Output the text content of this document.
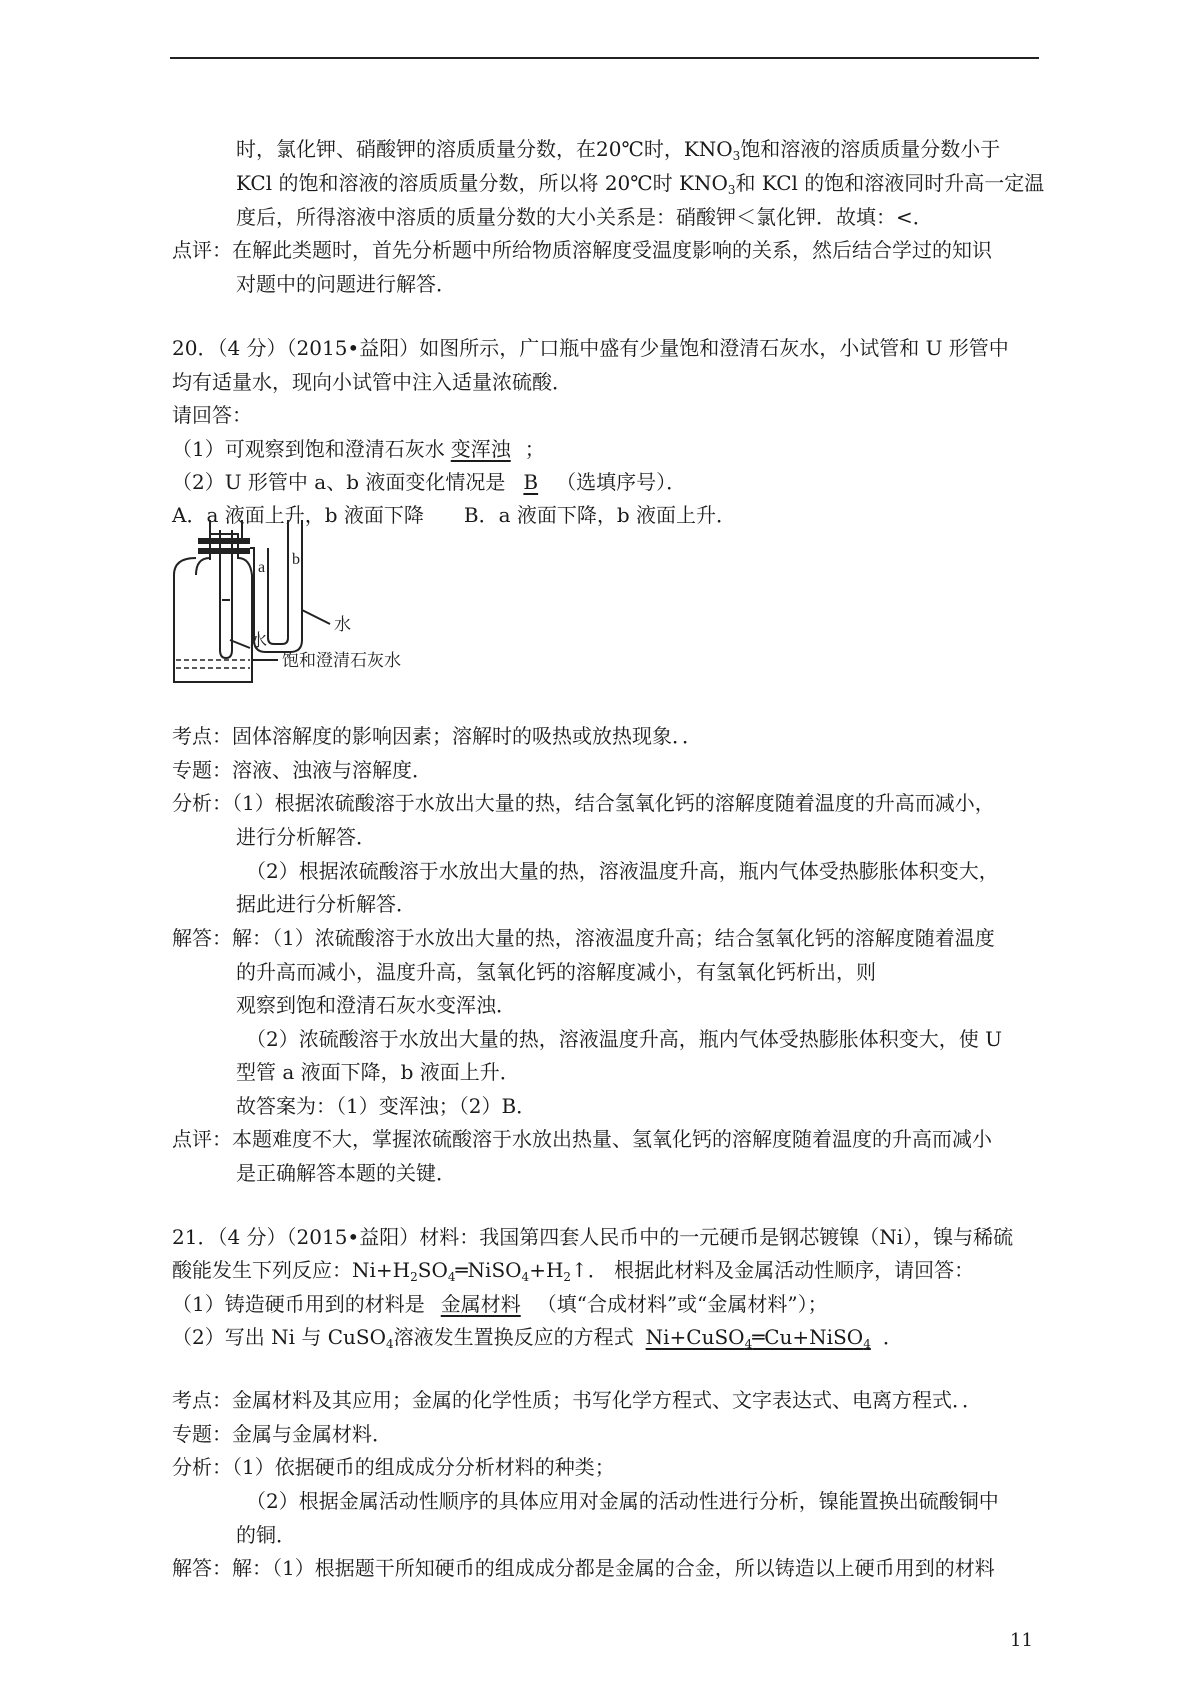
时，氯化钾、硝酸钾的溶质质量分数，在20℃时，$KNO_3$饱和溶液的溶质质量分数小于
KCl 的饱和溶液的溶质质量分数，所以将 20℃时 $KNO_3$和 KCl 的饱和溶液同时升高一定温
度后，所得溶液中溶质的质量分数的大小关系是：硝酸钾＜氯化钾．故填：<．
点评：在解此类题时，首先分析题中所给物质溶解度受温度影响的关系，然后结合学过的知识
对题中的问题进行解答．
20．（4 分）（2015•益阳）如图所示，广口瓶中盛有少量饱和澄清石灰水，小试管和 U 形管中
均有适量水，现向小试管中注入适量浓硫酸．
请回答：
（1）可观察到饱和澄清石灰水 变浑浊 ；
（2）U 形管中 a、b 液面变化情况是 B （选填序号）．
A．a 液面上升，b 液面下降　　B．a 液面下降，b 液面上升．
a b
水
水
饱和澄清石灰水
考点：固体溶解度的影响因素；溶解时的吸热或放热现象．．
专题：溶液、浊液与溶解度．
分析：（1）根据浓硫酸溶于水放出大量的热，结合氢氧化钙的溶解度随着温度的升高而减小，
进行分析解答．
（2）根据浓硫酸溶于水放出大量的热，溶液温度升高，瓶内气体受热膨胀体积变大，
据此进行分析解答．
解答：解：（1）浓硫酸溶于水放出大量的热，溶液温度升高；结合氢氧化钙的溶解度随着温度
的升高而减小，温度升高，氢氧化钙的溶解度减小，有氢氧化钙析出，则
观察到饱和澄清石灰水变浑浊．
（2）浓硫酸溶于水放出大量的热，溶液温度升高，瓶内气体受热膨胀体积变大，使 U
型管 a 液面下降，b 液面上升．
故答案为：（1）变浑浊；（2）B．
点评：本题难度不大，掌握浓硫酸溶于水放出热量、氢氧化钙的溶解度随着温度的升高而减小
是正确解答本题的关键．
21．（4 分）（2015•益阳）材料：我国第四套人民币中的一元硬币是钢芯镀镍（Ni），镍与稀硫
酸能发生下列反应：$Ni+H_2SO_4═NiSO_4+H_2↑$． 根据此材料及金属活动性顺序，请回答：
（1）铸造硬币用到的材料是 金属材料 （填“合成材料”或“金属材料”）；
（2）写出 Ni 与 CuSO$_4$溶液发生置换反应的方程式 Ni+CuSO$_4$═Cu+NiSO$_4$ ．
考点：金属材料及其应用；金属的化学性质；书写化学方程式、文字表达式、电离方程式．．
专题：金属与金属材料．
分析：（1）依据硬币的组成成分分析材料的种类；
（2）根据金属活动性顺序的具体应用对金属的活动性进行分析，镍能置换出硫酸铜中
的铜．
解答：解：（1）根据题干所知硬币的组成成分都是金属的合金，所以铸造以上硬币用到的材料
11
